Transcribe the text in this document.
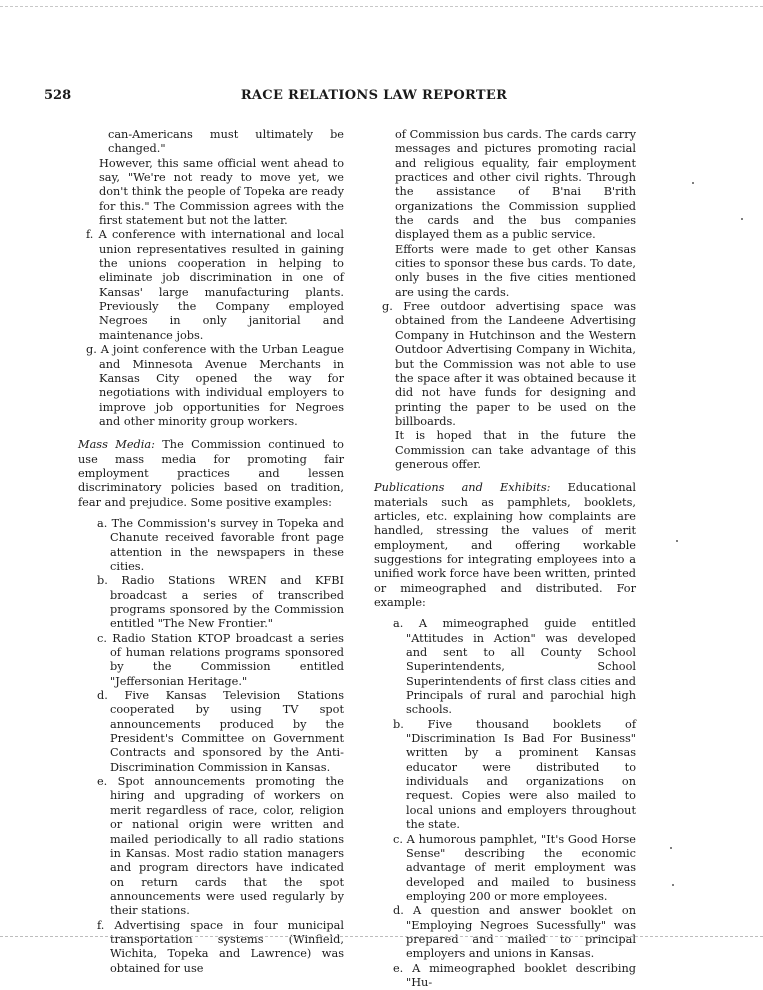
528	RACE RELATIONS LAW REPORTER

can-Americans must ultimately be changed."

However, this same official went ahead to say, "We're not ready to move yet, we don't think the people of Topeka are ready for this." The Commission agrees with the first statement but not the latter.

f. A conference with international and local union representatives resulted in gaining the unions cooperation in helping to eliminate job discrimination in one of Kansas' large manufacturing plants. Previously the Company employed Negroes in only janitorial and maintenance jobs.

g. A joint conference with the Urban League and Minnesota Avenue Merchants in Kansas City opened the way for negotiations with individual employers to improve job opportunities for Negroes and other minority group workers.

Mass Media: The Commission continued to use mass media for promoting fair employment practices and lessen discriminatory policies based on tradition, fear and prejudice. Some positive examples:

a. The Commission's survey in Topeka and Chanute received favorable front page attention in the newspapers in these cities.

b. Radio Stations WREN and KFBI broadcast a series of transcribed programs sponsored by the Commission entitled "The New Frontier."

c. Radio Station KTOP broadcast a series of human relations programs sponsored by the Commission entitled "Jeffersonian Heritage."

d. Five Kansas Television Stations cooperated by using TV spot announcements produced by the President's Committee on Government Contracts and sponsored by the Anti-Discrimination Commission in Kansas.

e. Spot announcements promoting the hiring and upgrading of workers on merit regardless of race, color, religion or national origin were written and mailed periodically to all radio stations in Kansas. Most radio station managers and program directors have indicated on return cards that the spot announcements were used regularly by their stations.

f. Advertising space in four municipal transportation systems (Winfield, Wichita, Topeka and Lawrence) was obtained for use

of Commission bus cards. The cards carry messages and pictures promoting racial and religious equality, fair employment practices and other civil rights. Through the assistance of B'nai B'rith organizations the Commission supplied the cards and the bus companies displayed them as a public service.

Efforts were made to get other Kansas cities to sponsor these bus cards. To date, only buses in the five cities mentioned are using the cards.

g. Free outdoor advertising space was obtained from the Landeene Advertising Company in Hutchinson and the Western Outdoor Advertising Company in Wichita, but the Commission was not able to use the space after it was obtained because it did not have funds for designing and printing the paper to be used on the billboards.

It is hoped that in the future the Commission can take advantage of this generous offer.

Publications and Exhibits: Educational materials such as pamphlets, booklets, articles, etc. explaining how complaints are handled, stressing the values of merit employment, and offering workable suggestions for integrating employees into a unified work force have been written, printed or mimeographed and distributed. For example:

a. A mimeographed guide entitled "Attitudes in Action" was developed and sent to all County School Superintendents, School Superintendents of first class cities and Principals of rural and parochial high schools.

b. Five thousand booklets of "Discrimination Is Bad For Business" written by a prominent Kansas educator were distributed to individuals and organizations on request. Copies were also mailed to local unions and employers throughout the state.

c. A humorous pamphlet, "It's Good Horse Sense" describing the economic advantage of merit employment was developed and mailed to business employing 200 or more employees.

d. A question and answer booklet on "Employing Negroes Sucessfully" was prepared and mailed to principal employers and unions in Kansas.

e. A mimeographed booklet describing "Hu-
